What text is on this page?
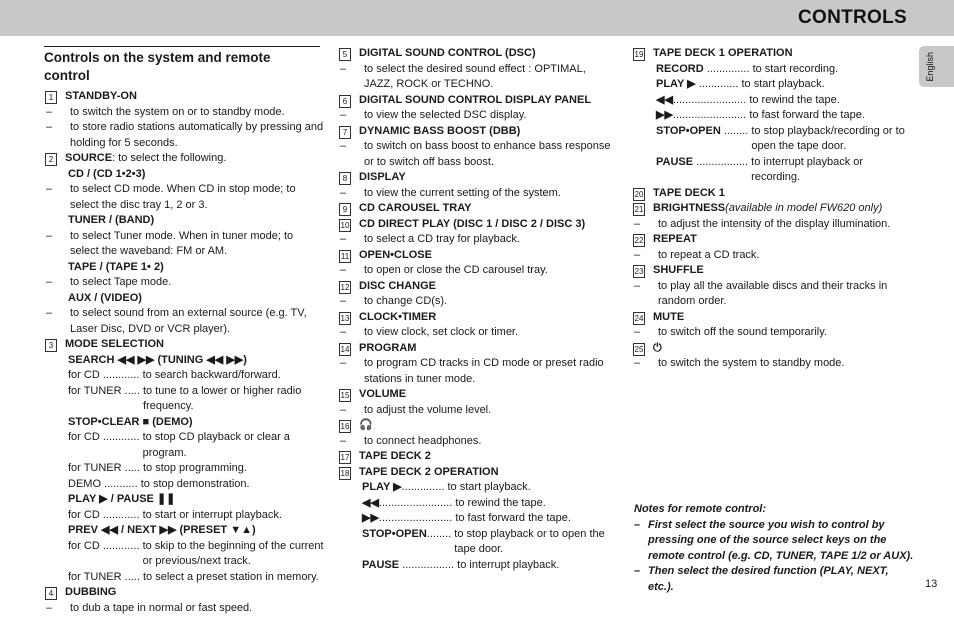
CONTROLS
English
Controls on the system and remote control
1	STANDBY-ON
–	to switch the system on or to standby mode.
–	to store radio stations automatically by pressing and holding for 5 seconds.
2	SOURCE : to select the following.
CD / (CD 1•2•3)
–	to select CD mode. When CD in stop mode; to select the disc tray 1, 2 or 3.
TUNER / (BAND)
–	to select Tuner mode. When in tuner mode; to select the waveband: FM or AM.
TAPE / (TAPE 1• 2)
–	to select Tape mode.
AUX / (VIDEO)
–	to select sound from an external source (e.g. TV, Laser Disc, DVD or VCR player).
3	MODE SELECTION
SEARCH ◀◀ ▶▶ (TUNING ◀◀ ▶▶)
for CD ............ to search backward/forward.
for TUNER ..... to tune to a lower or higher radio frequency.
STOP•CLEAR ■ (DEMO)
for CD ............ to stop CD playback or clear a program.
for TUNER ..... to stop programming.
DEMO ........... to stop demonstration.
PLAY ▶ / PAUSE ❚❚
for CD ............ to start or interrupt playback.
PREV ◀◀ / NEXT ▶▶ (PRESET ▼▲)
for CD ............ to skip to the beginning of the current or previous/next track.
for TUNER ..... to select a preset station in memory.
4	DUBBING
–	to dub a tape in normal or fast speed.
5	DIGITAL SOUND CONTROL (DSC)
–	to select the desired sound effect : OPTIMAL, JAZZ, ROCK or TECHNO.
6	DIGITAL SOUND CONTROL DISPLAY PANEL
–	to view the selected DSC display.
7	DYNAMIC BASS BOOST (DBB)
–	to switch on bass boost to enhance bass response or to switch off bass boost.
8	DISPLAY
–	to view the current setting of the system.
9	CD CAROUSEL TRAY
10 CD DIRECT PLAY (DISC 1 / DISC 2 / DISC 3)
–	to select a CD tray for playback.
11 OPEN•CLOSE
–	to open or close the CD carousel tray.
12 DISC CHANGE
–	to change CD(s).
13 CLOCK•TIMER
–	to view clock, set clock or timer.
14 PROGRAM
–	to program CD tracks in CD mode or preset radio stations in tuner mode.
15 VOLUME
–	to adjust the volume level.
16 🎧
–	to connect headphones.
17 TAPE DECK 2
18 TAPE DECK 2 OPERATION
PLAY ▶ .............. to start playback.
◀◀ ........................ to rewind the tape.
▶▶ ........................ to fast forward the tape.
STOP•OPEN ........ to stop playback or to open the tape door.
PAUSE ................. to interrupt playback.
19 TAPE DECK 1 OPERATION
RECORD .............. to start recording.
PLAY ▶ ............. to start playback.
◀◀ ........................ to rewind the tape.
▶▶ ........................ to fast forward the tape.
STOP•OPEN ........ to stop playback/recording or to open the tape door.
PAUSE ................. to interrupt playback or recording.
20 TAPE DECK 1
21 BRIGHTNESS (available in model FW620 only)
–	to adjust the intensity of the display illumination.
22 REPEAT
–	to repeat a CD track.
23 SHUFFLE
–	to play all the available discs and their tracks in random order.
24 MUTE
–	to switch off the sound temporarily.
25 ⏻
–	to switch the system to standby mode.
Notes for remote control:
– First select the source you wish to control by pressing one of the source select keys on the remote control (e.g. CD, TUNER, TAPE 1/2 or AUX).
– Then select the desired function (PLAY, NEXT, etc.).	13
